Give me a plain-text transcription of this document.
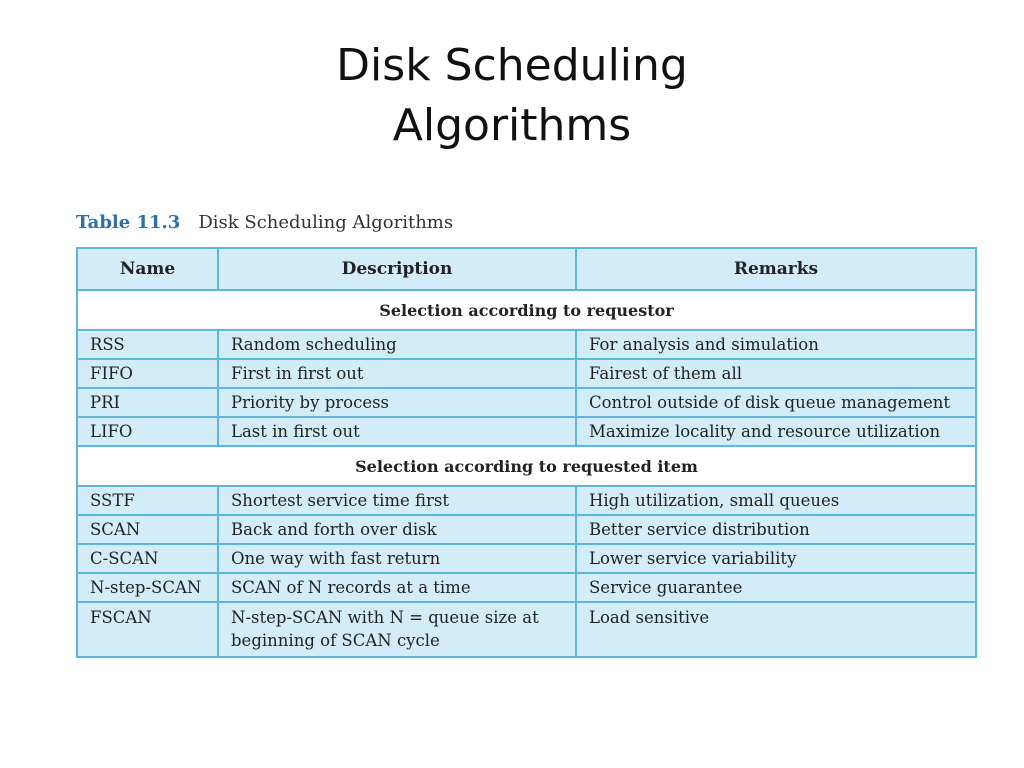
Disk Scheduling
Algorithms
Table 11.3 Disk Scheduling Algorithms
Name	Description	Remarks
Selection according to requestor		
RSS	Random scheduling	For analysis and simulation
FIFO	First in first out	Fairest of them all
PRI	Priority by process	Control outside of disk queue management
LIFO	Last in first out	Maximize locality and resource utilization
Selection according to requested item		
SSTF	Shortest service time first	High utilization, small queues
SCAN	Back and forth over disk	Better service distribution
C-SCAN	One way with fast return	Lower service variability
N-step-SCAN	SCAN of N records at a time	Service guarantee
FSCAN	N-step-SCAN with N = queue size at beginning of SCAN cycle	Load sensitive
